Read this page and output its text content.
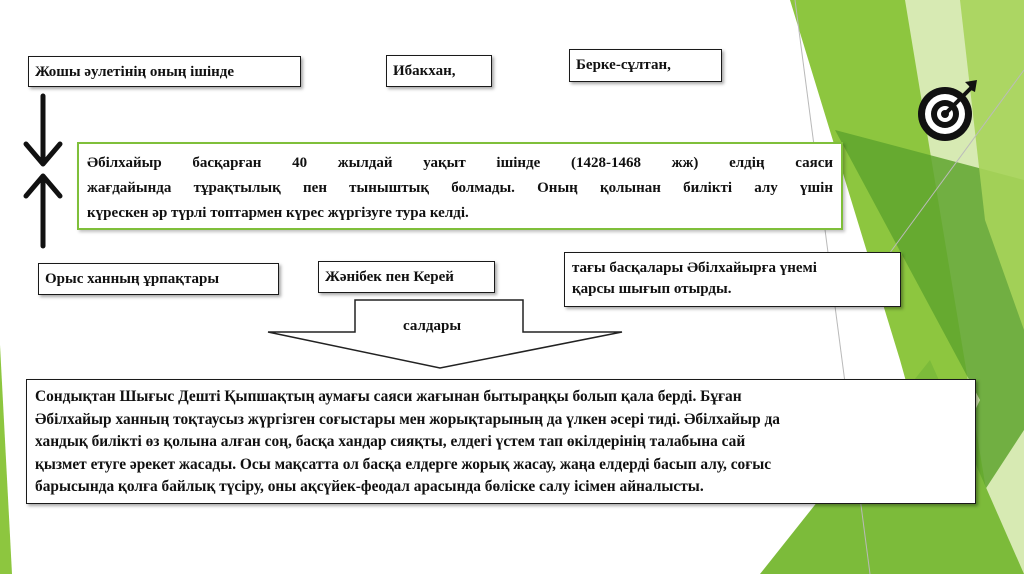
Жошы әулетінің оның ішінде	Ибакхан,	Берке-сұлтан,
Әбілхайыр басқарған 40 жылдай уақыт ішінде (1428-1468 жж) елдің саяси
жағдайында тұрақтылық пен тыныштық болмады. Оның қолынан билікті алу үшін
күрескен әр түрлі топтармен күрес жүргізуге тура келді.
Орыс ханның ұрпақтары	Жәнібек пен Керей
тағы басқалары Әбілхайырға үнемі
қарсы шығып отырды.
салдары
Сондықтан Шығыс Дешті Қыпшақтың аумағы саяси жағынан бытыраңқы болып қала берді. Бұған
Әбілхайыр ханның тоқтаусыз жүргізген соғыстары мен жорықтарының да үлкен әсері тиді. Әбілхайыр да
хандық билікті өз қолына алған соң, басқа хандар сияқты, елдегі үстем тап өкілдерінің талабына сай
қызмет етуге әрекет жасады. Осы мақсатта ол басқа елдерге жорық жасау, жаңа елдерді басып алу, соғыс
барысында қолға байлық түсіру, оны ақсүйек-феодал арасында бөліске салу ісімен айналысты.
